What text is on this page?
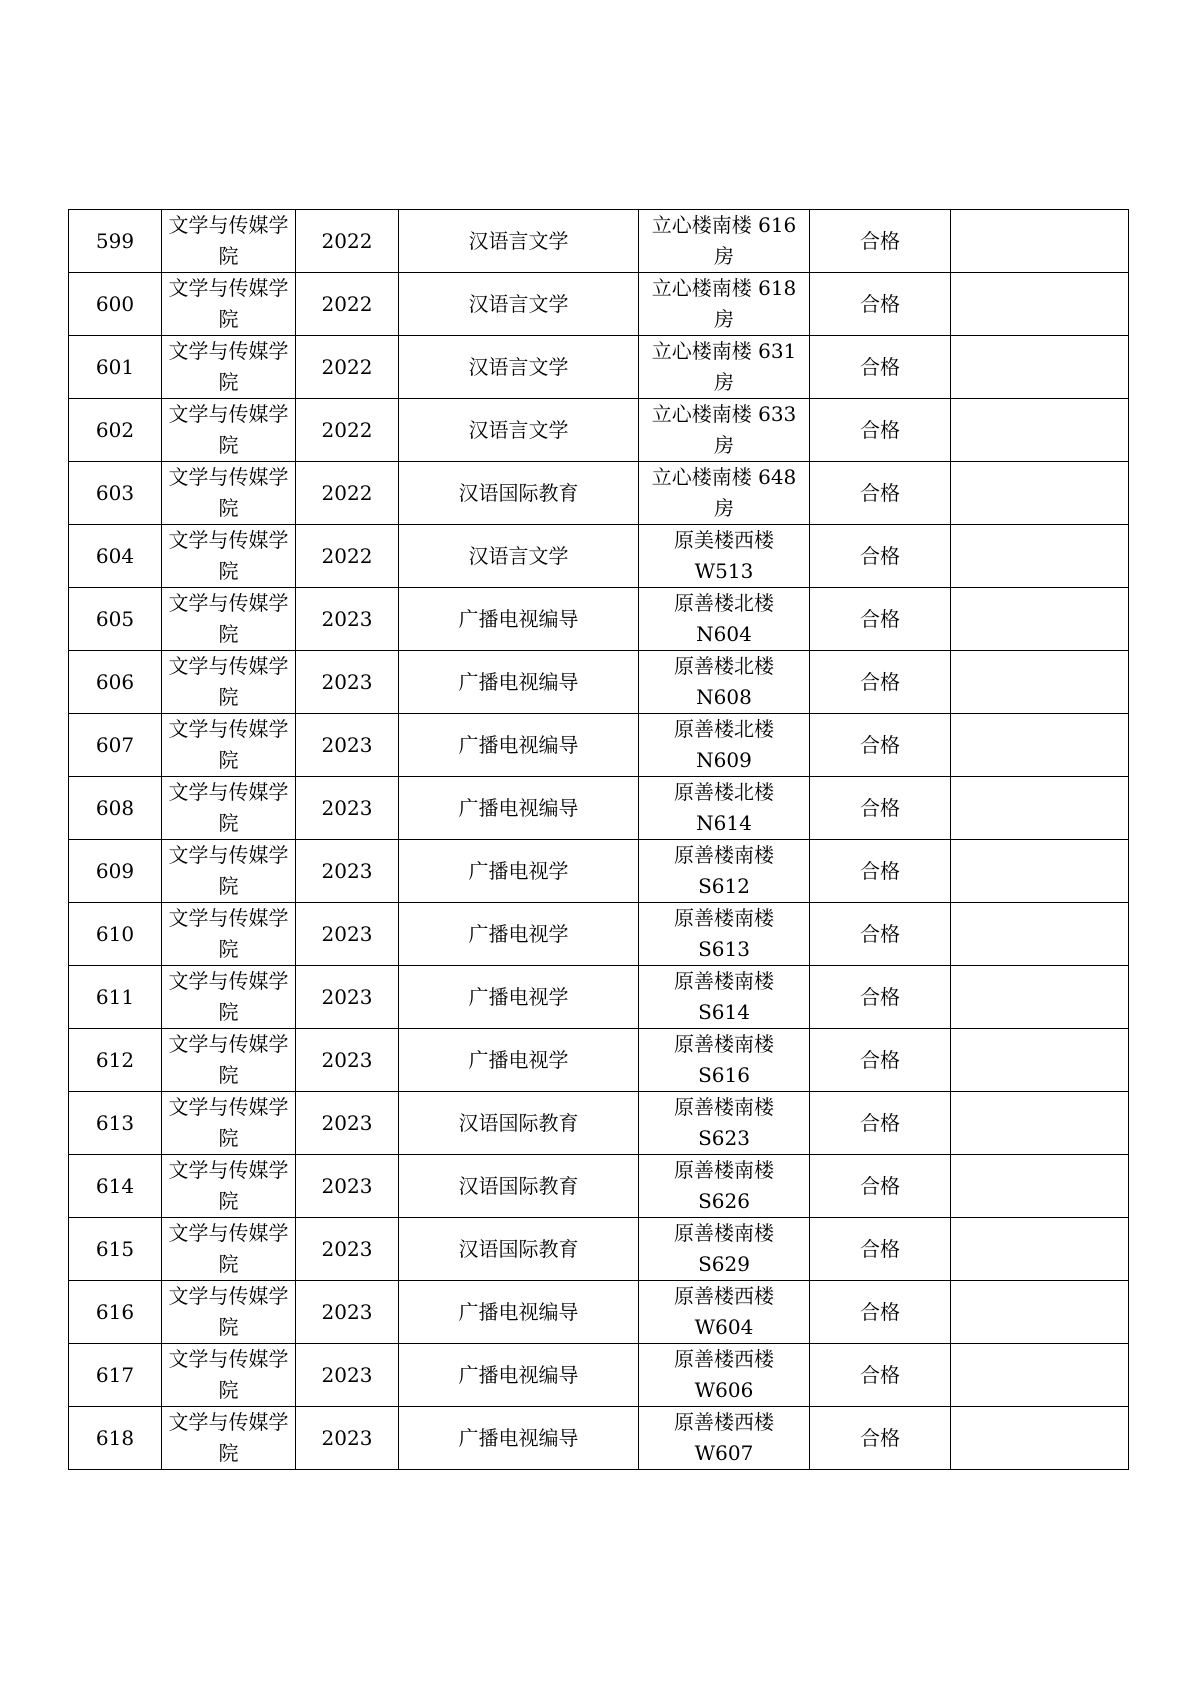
599	文学与传媒学院	2022	汉语言文学	立心楼南楼 616 房	合格	
600	文学与传媒学院	2022	汉语言文学	立心楼南楼 618 房	合格	
601	文学与传媒学院	2022	汉语言文学	立心楼南楼 631 房	合格	
602	文学与传媒学院	2022	汉语言文学	立心楼南楼 633 房	合格	
603	文学与传媒学院	2022	汉语国际教育	立心楼南楼 648 房	合格	
604	文学与传媒学院	2022	汉语言文学	原美楼西楼 W513	合格	
605	文学与传媒学院	2023	广播电视编导	原善楼北楼 N604	合格	
606	文学与传媒学院	2023	广播电视编导	原善楼北楼 N608	合格	
607	文学与传媒学院	2023	广播电视编导	原善楼北楼 N609	合格	
608	文学与传媒学院	2023	广播电视编导	原善楼北楼 N614	合格	
609	文学与传媒学院	2023	广播电视学	原善楼南楼 S612	合格	
610	文学与传媒学院	2023	广播电视学	原善楼南楼 S613	合格	
611	文学与传媒学院	2023	广播电视学	原善楼南楼 S614	合格	
612	文学与传媒学院	2023	广播电视学	原善楼南楼 S616	合格	
613	文学与传媒学院	2023	汉语国际教育	原善楼南楼 S623	合格	
614	文学与传媒学院	2023	汉语国际教育	原善楼南楼 S626	合格	
615	文学与传媒学院	2023	汉语国际教育	原善楼南楼 S629	合格	
616	文学与传媒学院	2023	广播电视编导	原善楼西楼 W604	合格	
617	文学与传媒学院	2023	广播电视编导	原善楼西楼 W606	合格	
618	文学与传媒学院	2023	广播电视编导	原善楼西楼 W607	合格	
